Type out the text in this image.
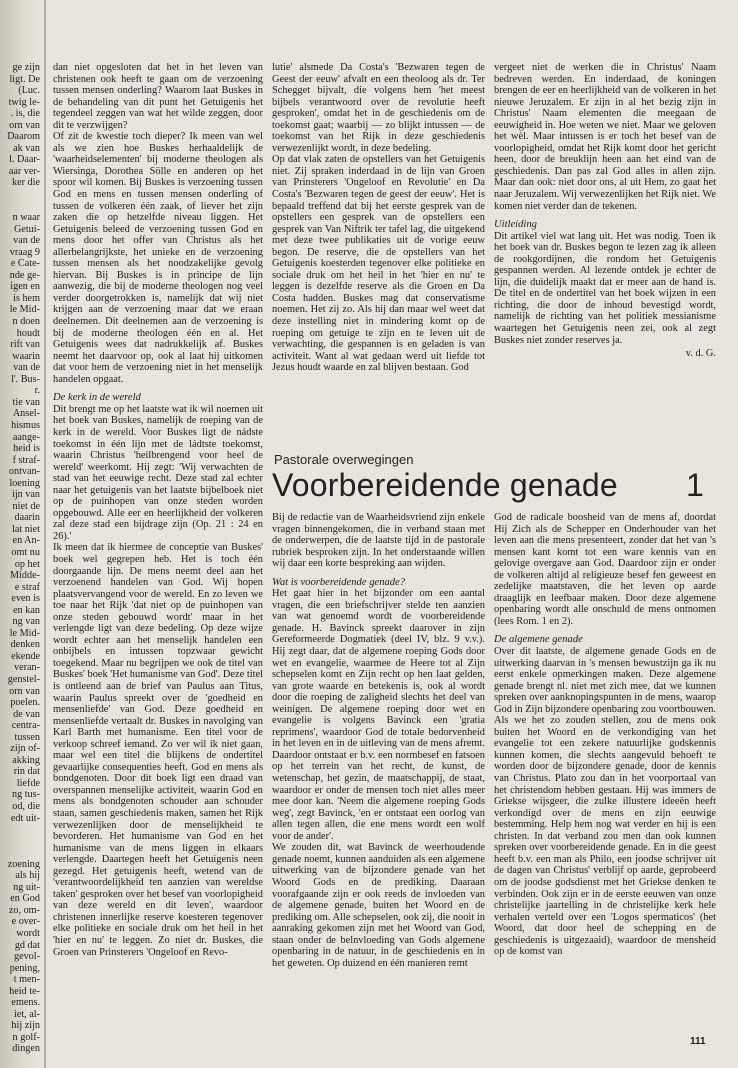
ge zijn
ligt. De
(Luc.
twig le-
. is, die
orn van
Daarom
ak van
l. Daar-
aar ver-
ker die

n waar
Getui-
van de
vraag 9
e Cate-
nde ge-
igen en
is hem
le Mid-
n doen
houdt
rift van
waarin
van de
l'. Bus-
r.
tie van
Ansel-
hismus
aange-
heid is
f straf-
ontvan-
loening
ijn van
niet de
daarin
lat niet
en An-
omt nu
op het
Midde-
e straf
even is
en kan
ng van
le Mid-
denken
ekende
veran-
genstel-
orn van
poelen.
de van
centra-
tussen
zijn of-
akking
rin dat
liefde
ng tus-
od, die
edt uit-

zoening
als hij
ng uit-
en God
zo, om-
e over-
wordt
gd dat
gevol-
pening,
t men-
heid te-
emens.
iet, al-
hij zijn
n golf-
dingen

dan niet opgesloten dat het in het leven van christenen ook heeft te gaan om de verzoening tussen mensen onderling? Waarom laat Buskes in de behandeling van dit punt het Getuigenis het tegendeel zeggen van wat het wilde zeggen, door dit te verzwijgen?

Of zit de kwestie toch dieper? Ik meen van wel als we zien hoe Buskes herhaaldelijk de 'waarheidselementen' bij moderne theologen als Wiersinga, Dorothea Sölle en anderen op het spoor wil komen. Bij Buskes is verzoening tussen God en mens en tussen mensen onderling of tussen de volkeren één zaak, of liever het zijn zaken die op hetzelfde niveau liggen. Het Getuigenis beleed de verzoening tussen God en mens door het offer van Christus als het allerbelangrijkste, het unieke en de verzoening tussen mensen als het noodzakelijke gevolg hiervan. Bij Buskes is in principe de lijn aanwezig, die bij de moderne theologen nog veel verder doorgetrokken is, namelijk dat wij niet krijgen aan de verzoening maar dat we eraan deelnemen. Dit deelnemen aan de verzoening is bij de moderne theologen één en al. Het Getuigenis wees dat nadrukkelijk af. Buskes neemt het daarvoor op, ook al laat hij uitkomen dat voor hem de verzoening niet in het menselijk handelen opgaat.

De kerk in de wereld

Dit brengt me op het laatste wat ik wil noemen uit het boek van Buskes, namelijk de roeping van de kerk in de wereld. Voor Buskes ligt de nádste toekomst in één lijn met de ládtste toekomst, waarin Christus 'heilbrengend voor heel de wereld' weerkomt. Hij zegt: 'Wij verwachten de stad van het eeuwige recht. Deze stad zal echter naar het getuigenis van het laatste bijbelboek niet op de puinhopen van onze steden worden opgebouwd. Alle eer en heerlijkheid der volkeren zal deze stad een bijdrage zijn (Op. 21 : 24 en 26).'

Ik meen dat ik hiermee de conceptie van Buskes' boek wel gegrepen heb. Het is toch één doorgaande lijn. De mens neemt deel aan het verzoenend handelen van God. Wij hopen plaatsvervangend voor de wereld. En zo leven we toe naar het Rijk 'dat niet op de puinhopen van onze steden gebouwd wordt' maar in het verlengde ligt van deze bedeling. Op deze wijze wordt echter aan het menselijk handelen een onbijbels en intussen topzwaar gewicht toegekend. Maar nu begrijpen we ook de titel van Buskes' boek 'Het humanisme van God'. Deze titel is ontleend aan de brief van Paulus aan Titus, waarin Paulus spreekt over de 'goedheid en mensenliefde' van God. Deze goedheid en mensenliefde vertaalt dr. Buskes in navolging van Karl Barth met humanisme. Een titel voor de verkoop schreef iemand. Zo ver wil ik niet gaan, maar wel een titel die blijkens de ondertitel gevaarlijke consequenties heeft. God en mens als bondgenoten. Door dit boek ligt een draad van overspannen menselijke activiteit, waarin God en mens als bondgenoten schouder aan schouder staan, samen geschiedenis maken, samen het Rijk verwezenlijken door de menselijkheid te bevorderen. Het humanisme van God en het humanisme van de mens liggen in elkaars verlengde. Daartegen heeft het Getuigenis neen gezegd. Het getuigenis heeft, wetend van de 'verantwoordelijkheid ten aanzien van wereldse taken' gesproken over het besef van voorlopigheid van deze wereld en dit leven', waardoor christenen innerlijke reserve koesteren tegenover elke politieke en sociale druk om het heil in het 'hier en nu' te leggen. Zo niet dr. Buskes, die Groen van Prinsterers 'Ongeloof en Revo-

lutie' alsmede Da Costa's 'Bezwaren tegen de Geest der eeuw' afvalt en een theoloog als dr. Ter Schegget bijvalt, die volgens hem 'het meest bijbels verantwoord over de revolutie heeft gesproken', omdat het in de geschiedenis om de toekomst gaat; waarbij — zo blijkt intussen — de toekomst van het Rijk in deze geschiedenis verwezenlijkt wordt, in deze bedeling.

Op dat vlak zaten de opstellers van het Getuigenis niet. Zij spraken inderdaad in de lijn van Groen van Prinsterers 'Ongeloof en Revolutie' en Da Costa's 'Bezwaren tegen de geest der eeuw'. Het is bepaald treffend dat bij het eerste gesprek van de opstellers een gesprek van de opstellers een gesprek van Van Niftrik ter tafel lag, die uitgekend met deze twee publikaties uit de vorige eeuw begon. De reserve, die de opstellers van het Getuigenis koesterden tegenover elke politieke en sociale druk om het heil in het 'hier en nu' te leggen is dezelfde reserve als die Groen en Da Costa hadden. Buskes mag dat conservatisme noemen. Het zij zo. Als hij dan maar wel weet dat deze instelling niet in mindering komt op de roeping om getuige te zijn en te leven uit de verwachting, die gespannen is en geladen is van activiteit. Want al wat gedaan werd uit liefde tot Jezus houdt waarde en zal blijven bestaan. God

vergeet niet de werken die in Christus' Naam bedreven werden. En inderdaad, de koningen brengen de eer en heerlijkheid van de volkeren in het nieuwe Jeruzalem. Er zijn in al het bezig zijn in Christus' Naam elementen die meegaan de eeuwigheid in. Hoe weten we niet. Maar we geloven het wèl. Maar intussen is er toch het besef van de voorlopigheid, omdat het Rijk komt door het gericht heen, door de breuklijn heen aan het eind van de geschiedenis. Dan pas zal God alles in allen zijn. Maar dan ook: niet door ons, al uit Hem, zo gaat het naar Jeruzalem. Wij verwezenlijken het Rijk niet. We komen niet verder dan de tekenen.

Uitleiding

Dit artikel viel wat lang uit. Het was nodig. Toen ik het boek van dr. Buskes begon te lezen zag ik alleen de rookgordijnen, die rondom het Getuigenis gespannen werden. Al lezende ontdek je echter de lijn, die duidelijk maakt dat er meer aan de hand is. De titel en de ondertitel van het boek wijzen in een richting, die door de inhoud bevestigd wordt, namelijk de richting van het politiek messianisme waartegen het Getuigenis neen zei, ook al zegt Buskes niet zonder reserves ja.

v. d. G.

Pastorale overwegingen
Voorbereidende genade 1

Bij de redactie van de Waarheidsvriend zijn enkele vragen binnengekomen, die in verband staan met de onderwerpen, die de laatste tijd in de pastorale rubriek besproken zijn. In het onderstaande willen wij daar een korte bespreking aan wijden.

Wat is voorbereidende genade?

Het gaat hier in het bijzonder om een aantal vragen, die een briefschrijver stelde ten aanzien van wat genoemd wordt de voorbereidende genade. H. Bavinck spreekt daarover in zijn Gereformeerde Dogmatiek (deel IV, blz. 9 v.v.). Hij zegt daar, dat de algemene roeping Gods door wet en evangelie, waarmee de Heere tot al Zijn schepselen komt en Zijn recht op hen laat gelden, van grote waarde en betekenis is, ook al wordt door die roeping de zaligheid slechts het deel van weinigen. De algemene roeping door wet en evangelie is volgens Bavinck een 'gratia reprimens', waardoor God de totale bedorvenheid in het leven en in de uitleving van de mens afremt. Daardoor ontstaat er b.v. een normbesef en fatsoen op het terrein van het recht, de kunst, de wetenschap, het gezin, de maatschappij, de staat, waardoor er onder de mensen toch niet alles meer mee door kan. 'Neem die algemene roeping Gods weg', zegt Bavinck, 'en er ontstaat een oorlog van allen tegen allen, die ene mens wordt een wolf voor de ander'.

We zouden dit, wat Bavinck de weerhoudende genade noemt, kunnen aanduiden als een algemene uitwerking van de bijzondere genade van het Woord Gods en de prediking. Daaraan voorafgaande zijn er ook reeds de invloeden van de algemene genade, buiten het Woord en de prediking om. Alle schepselen, ook zij, die nooit in aanraking gekomen zijn met het Woord van God, staan onder de belnvloeding van Gods algemene openbaring in de natuur, in de geschiedenis en in het geweten. Op duizend en één manieren remt

God de radicale boosheid van de mens af, doordat Hij Zich als de Schepper en Onderhouder van het leven aan die mens presenteert, zonder dat het van 's mensen kant komt tot een ware kennis van en gelovige overgave aan God. Daardoor zijn er onder de volkeren altijd al religieuze besef fen geweest en zedelijke maatstaven, die het leven op aarde draaglijk en leefbaar maken. Door deze algemene openbaring wordt alle onschuld de mens ontnomen (lees Rom. 1 en 2).

De algemene genade

Over dit laatste, de algemene genade Gods en de uitwerking daarvan in 's mensen bewustzijn ga ik nu eerst enkele opmerkingen maken. Deze algemene genade brengt nl. niet met zich mee, dat we kunnen spreken over aanknopingspunten in de mens, waarop God in Zijn bijzondere openbaring zou voortbouwen. Als we het zo zouden stellen, zou de mens ook buiten het Woord en de verkondiging van het evangelie tot een zekere natuurlijke godskennis kunnen komen, die slechts aangevuld behoeft te worden door de bijzondere genade, door de kennis van Christus. Plato zou dan in het voorportaal van het christendom hebben gestaan. Hij was immers de Griekse wijsgeer, die zulke illustere ideeën heeft verkondigd over de mens en zijn eeuwige bestemming. Help hem nog wat verder en hij is een christen. In dat verband zou men dan ook kunnen spreken over voorbereidende genade. En in die geest heeft b.v. een man als Philo, een joodse schrijver uit de dagen van Christus' verblijf op aarde, geprobeerd om de joodse godsdienst met het Griekse denken te verbinden. Ook zijn er in de eerste eeuwen van onze christelijke jaartelling in de christelijke kerk hele verhalen verteld over een 'Logos spermaticos' (het Woord, dat door heel de schepping en de geschiedenis is uitgezaaid), waardoor de mensheid op de komst van

111
